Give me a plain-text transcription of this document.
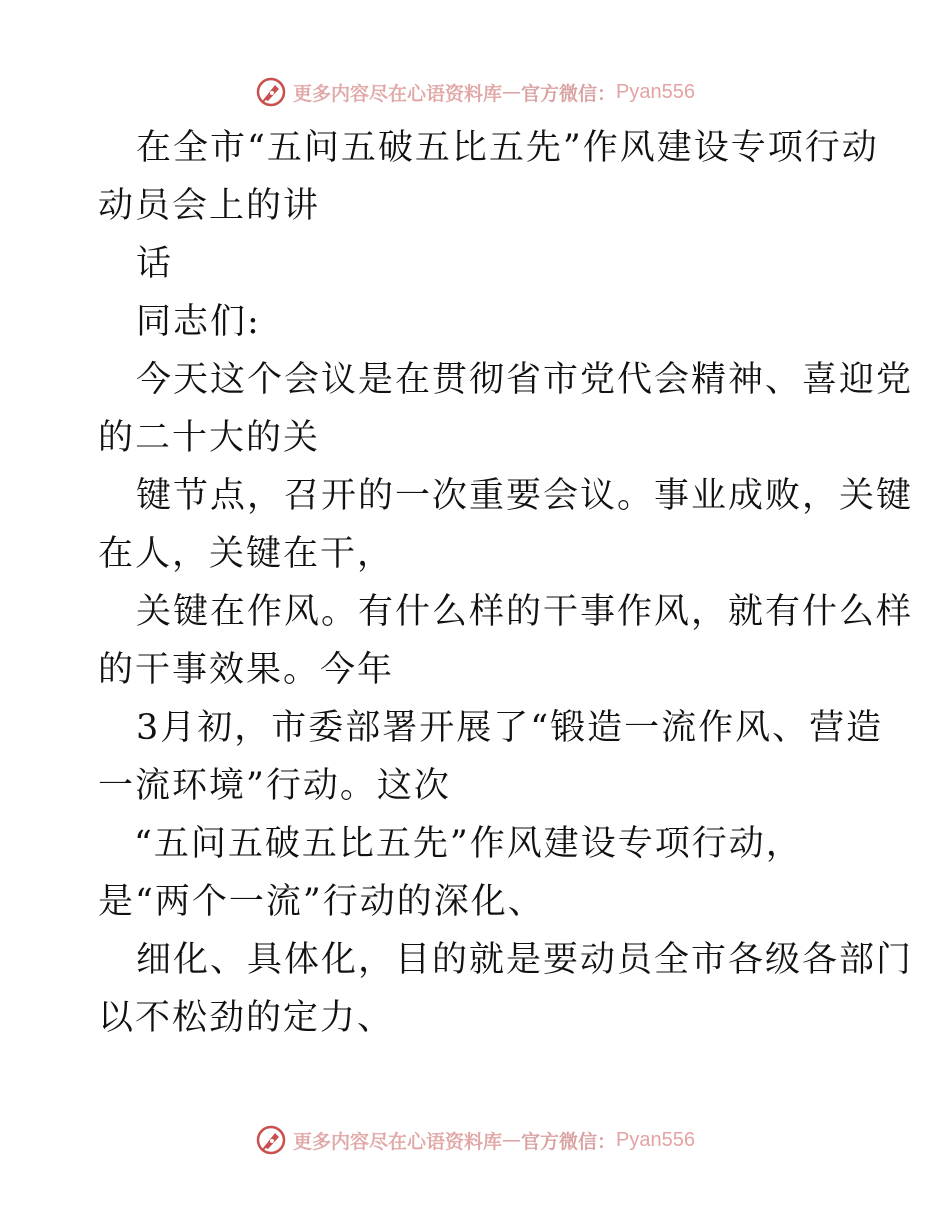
更多内容尽在心语资料库 — 官方微信： Pyan556
在全市“五问五破五比五先”作风建设专项行动
动员会上的讲
话
同志们:
今天这个会议是在贯彻省市党代会精神、喜迎党
的二十大的关
键节点，召开的一次重要会议。事业成败，关键
在人，关键在干，
关键在作风。有什么样的干事作风，就有什么样
的干事效果。今年
3月初，市委部署开展了“锻造一流作风、营造
一流环境”行动。这次
“五问五破五比五先”作风建设专项行动，
是“两个一流”行动的深化、
细化、具体化，目的就是要动员全市各级各部门
以不松劲的定力、
更多内容尽在心语资料库 — 官方微信： Pyan556
